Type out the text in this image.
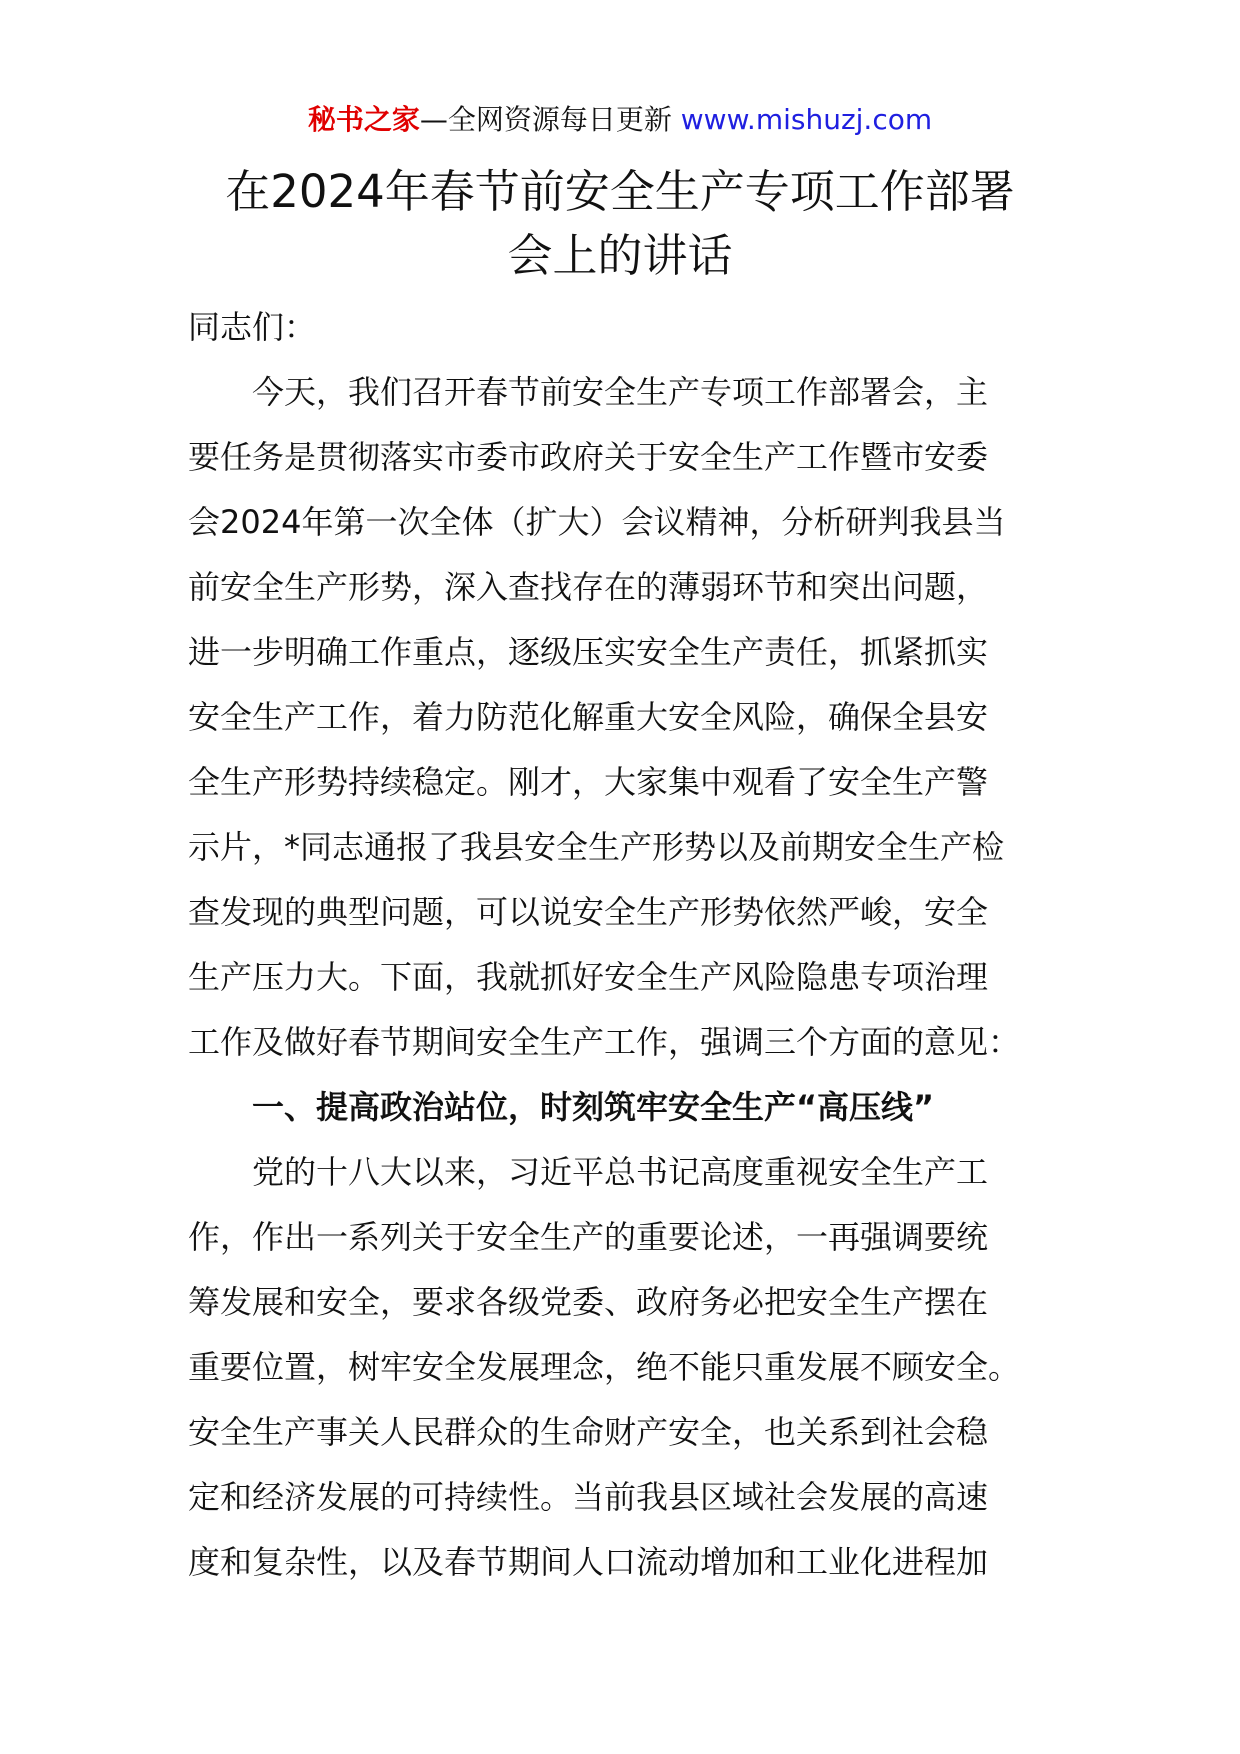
秘书之家—全网资源每日更新 www.mishuzj.com
在2024年春节前安全生产专项工作部署
会上的讲话
同志们：
今天，我们召开春节前安全生产专项工作部署会，主
要任务是贯彻落实市委市政府关于安全生产工作暨市安委
会2024年第一次全体（扩大）会议精神，分析研判我县当
前安全生产形势，深入查找存在的薄弱环节和突出问题，
进一步明确工作重点，逐级压实安全生产责任，抓紧抓实
安全生产工作，着力防范化解重大安全风险，确保全县安
全生产形势持续稳定。刚才，大家集中观看了安全生产警
示片，*同志通报了我县安全生产形势以及前期安全生产检
查发现的典型问题，可以说安全生产形势依然严峻，安全
生产压力大。下面，我就抓好安全生产风险隐患专项治理
工作及做好春节期间安全生产工作，强调三个方面的意见：
一、提高政治站位，时刻筑牢安全生产“高压线”
党的十八大以来，习近平总书记高度重视安全生产工
作，作出一系列关于安全生产的重要论述，一再强调要统
筹发展和安全，要求各级党委、政府务必把安全生产摆在
重要位置，树牢安全发展理念，绝不能只重发展不顾安全。
安全生产事关人民群众的生命财产安全，也关系到社会稳
定和经济发展的可持续性。当前我县区域社会发展的高速
度和复杂性，以及春节期间人口流动增加和工业化进程加
